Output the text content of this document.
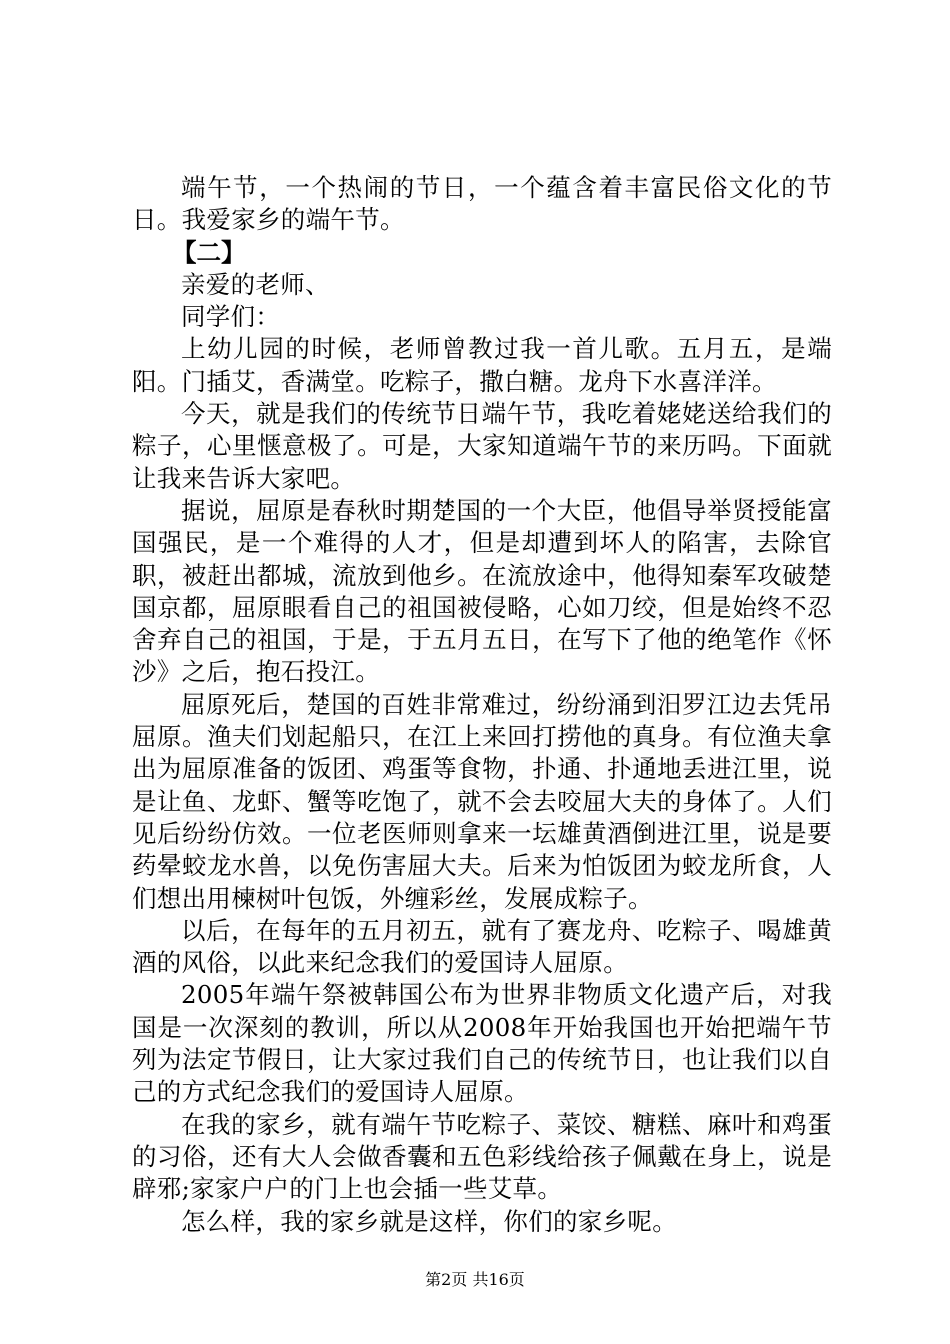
端午节，一个热闹的节日，一个蕴含着丰富民俗文化的节日。我爱家乡的端午节。

【二】

亲爱的老师、

同学们：

上幼儿园的时候，老师曾教过我一首儿歌。五月五，是端阳。门插艾，香满堂。吃粽子，撒白糖。龙舟下水喜洋洋。

今天，就是我们的传统节日端午节，我吃着姥姥送给我们的粽子，心里惬意极了。可是，大家知道端午节的来历吗。下面就让我来告诉大家吧。

据说，屈原是春秋时期楚国的一个大臣，他倡导举贤授能富国强民，是一个难得的人才，但是却遭到坏人的陷害，去除官职，被赶出都城，流放到他乡。在流放途中，他得知秦军攻破楚国京都，屈原眼看自己的祖国被侵略，心如刀绞，但是始终不忍舍弃自己的祖国，于是，于五月五日，在写下了他的绝笔作《怀沙》之后，抱石投江。

屈原死后，楚国的百姓非常难过，纷纷涌到汨罗江边去凭吊屈原。渔夫们划起船只，在江上来回打捞他的真身。有位渔夫拿出为屈原准备的饭团、鸡蛋等食物，扑通、扑通地丢进江里，说是让鱼、龙虾、蟹等吃饱了，就不会去咬屈大夫的身体了。人们见后纷纷仿效。一位老医师则拿来一坛雄黄酒倒进江里，说是要药晕蛟龙水兽，以免伤害屈大夫。后来为怕饭团为蛟龙所食，人们想出用楝树叶包饭，外缠彩丝，发展成粽子。

以后，在每年的五月初五，就有了赛龙舟、吃粽子、喝雄黄酒的风俗，以此来纪念我们的爱国诗人屈原。

2005年端午祭被韩国公布为世界非物质文化遗产后，对我国是一次深刻的教训，所以从2008年开始我国也开始把端午节列为法定节假日，让大家过我们自己的传统节日，也让我们以自己的方式纪念我们的爱国诗人屈原。

在我的家乡，就有端午节吃粽子、菜饺、糖糕、麻叶和鸡蛋的习俗，还有大人会做香囊和五色彩线给孩子佩戴在身上，说是辟邪;家家户户的门上也会插一些艾草。

怎么样，我的家乡就是这样，你们的家乡呢。

第2页 共16页
